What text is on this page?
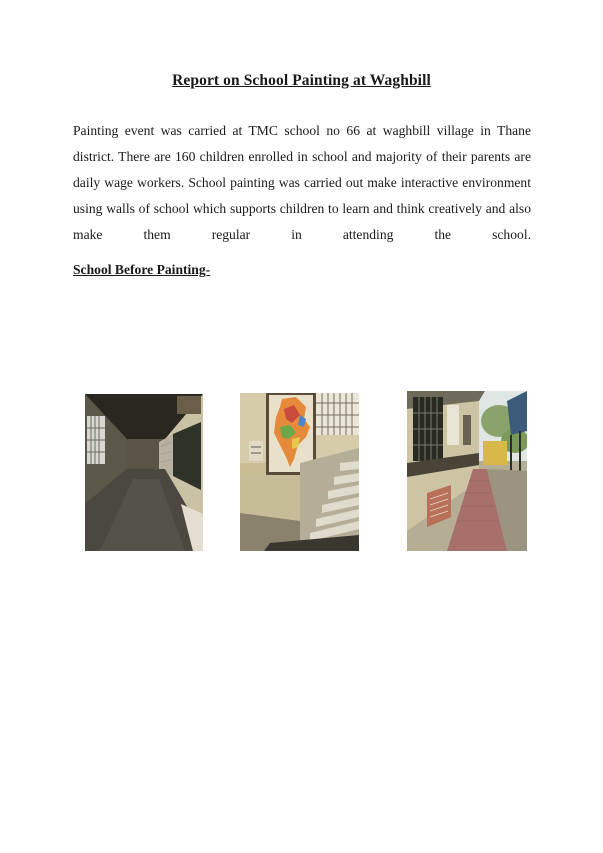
Report on School Painting at Waghbill

Painting event was carried at TMC school no 66 at waghbill village in Thane district. There are 160 children enrolled in school and majority of their parents are daily wage workers. School painting was carried out make interactive environment using walls of school which supports children to learn and think creatively and also make them regular in attending the school.

School Before Painting-
